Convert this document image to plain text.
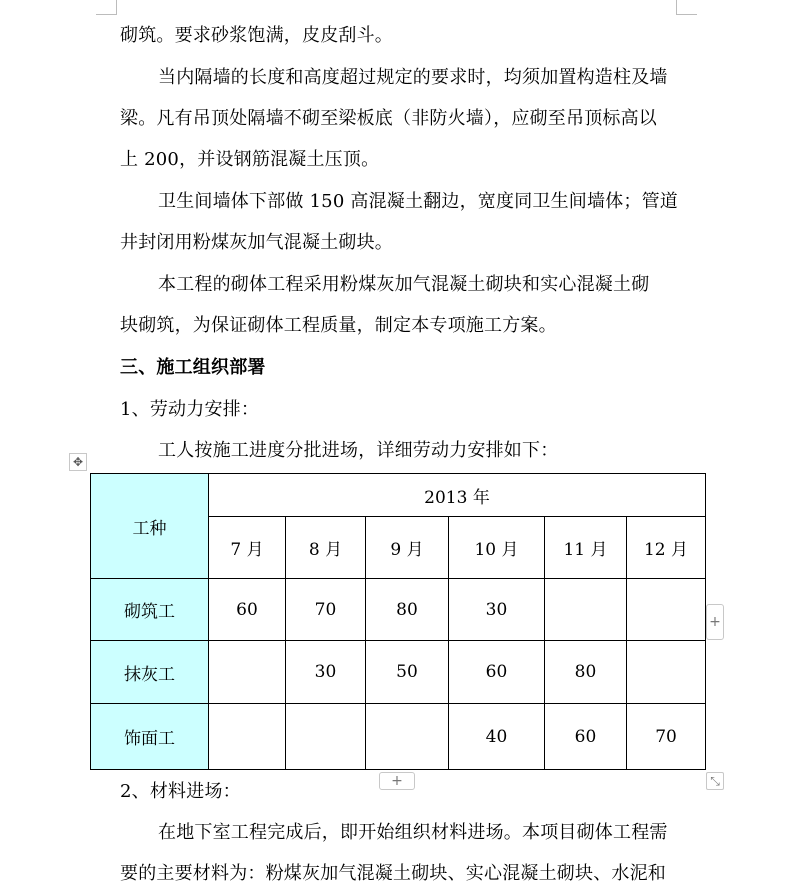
砌筑。要求砂浆饱满，皮皮刮斗。
当内隔墙的长度和高度超过规定的要求时，均须加置构造柱及墙
梁。凡有吊顶处隔墙不砌至梁板底（非防火墙），应砌至吊顶标高以
上 200，并设钢筋混凝土压顶。
卫生间墙体下部做 150 高混凝土翻边，宽度同卫生间墙体；管道
井封闭用粉煤灰加气混凝土砌块。
本工程的砌体工程采用粉煤灰加气混凝土砌块和实心混凝土砌
块砌筑，为保证砌体工程质量，制定本专项施工方案。
三、施工组织部署
1、劳动力安排：
工人按施工进度分批进场，详细劳动力安排如下：
✥
工种	2013 年					
	7 月	8 月	9 月	10 月	11 月	12 月
砌筑工	60	70	80	30		
抹灰工		30	50	60	80	
饰面工				40	60	70
+
+	⤡
2、材料进场：
在地下室工程完成后，即开始组织材料进场。本项目砌体工程需
要的主要材料为：粉煤灰加气混凝土砌块、实心混凝土砌块、水泥和
